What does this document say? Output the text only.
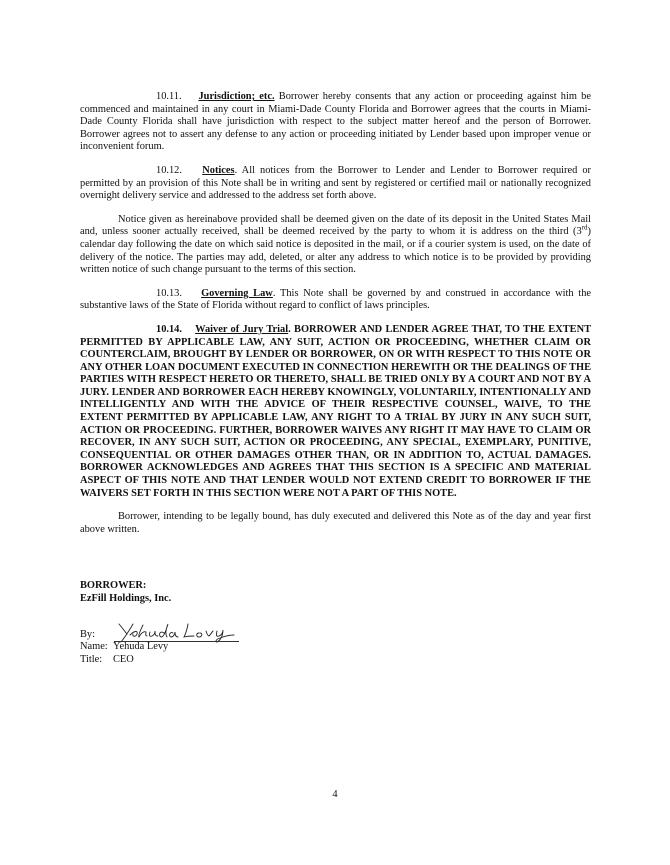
10.11. Jurisdiction; etc. Borrower hereby consents that any action or proceeding against him be commenced and maintained in any court in Miami-Dade County Florida and Borrower agrees that the courts in Miami-Dade County Florida shall have jurisdiction with respect to the subject matter hereof and the person of Borrower. Borrower agrees not to assert any defense to any action or proceeding initiated by Lender based upon improper venue or inconvenient forum.

10.12. Notices. All notices from the Borrower to Lender and Lender to Borrower required or permitted by an provision of this Note shall be in writing and sent by registered or certified mail or nationally recognized overnight delivery service and addressed to the address set forth above.

Notice given as hereinabove provided shall be deemed given on the date of its deposit in the United States Mail and, unless sooner actually received, shall be deemed received by the party to whom it is address on the third (3rd) calendar day following the date on which said notice is deposited in the mail, or if a courier system is used, on the date of delivery of the notice. The parties may add, deleted, or alter any address to which notice is to be provided by providing written notice of such change pursuant to the terms of this section.

10.13. Governing Law. This Note shall be governed by and construed in accordance with the substantive laws of the State of Florida without regard to conflict of laws principles.

10.14. Waiver of Jury Trial. BORROWER AND LENDER AGREE THAT, TO THE EXTENT PERMITTED BY APPLICABLE LAW, ANY SUIT, ACTION OR PROCEEDING, WHETHER CLAIM OR COUNTERCLAIM, BROUGHT BY LENDER OR BORROWER, ON OR WITH RESPECT TO THIS NOTE OR ANY OTHER LOAN DOCUMENT EXECUTED IN CONNECTION HEREWITH OR THE DEALINGS OF THE PARTIES WITH RESPECT HERETO OR THERETO, SHALL BE TRIED ONLY BY A COURT AND NOT BY A JURY. LENDER AND BORROWER EACH HEREBY KNOWINGLY, VOLUNTARILY, INTENTIONALLY AND INTELLIGENTLY AND WITH THE ADVICE OF THEIR RESPECTIVE COUNSEL, WAIVE, TO THE EXTENT PERMITTED BY APPLICABLE LAW, ANY RIGHT TO A TRIAL BY JURY IN ANY SUCH SUIT, ACTION OR PROCEEDING. FURTHER, BORROWER WAIVES ANY RIGHT IT MAY HAVE TO CLAIM OR RECOVER, IN ANY SUCH SUIT, ACTION OR PROCEEDING, ANY SPECIAL, EXEMPLARY, PUNITIVE, CONSEQUENTIAL OR OTHER DAMAGES OTHER THAN, OR IN ADDITION TO, ACTUAL DAMAGES. BORROWER ACKNOWLEDGES AND AGREES THAT THIS SECTION IS A SPECIFIC AND MATERIAL ASPECT OF THIS NOTE AND THAT LENDER WOULD NOT EXTEND CREDIT TO BORROWER IF THE WAIVERS SET FORTH IN THIS SECTION WERE NOT A PART OF THIS NOTE.

Borrower, intending to be legally bound, has duly executed and delivered this Note as of the day and year first above written.

BORROWER:
EzFill Holdings, Inc.
By:
Yehuda Levy
Name: Yehuda Levy
Title:	CEO
4
